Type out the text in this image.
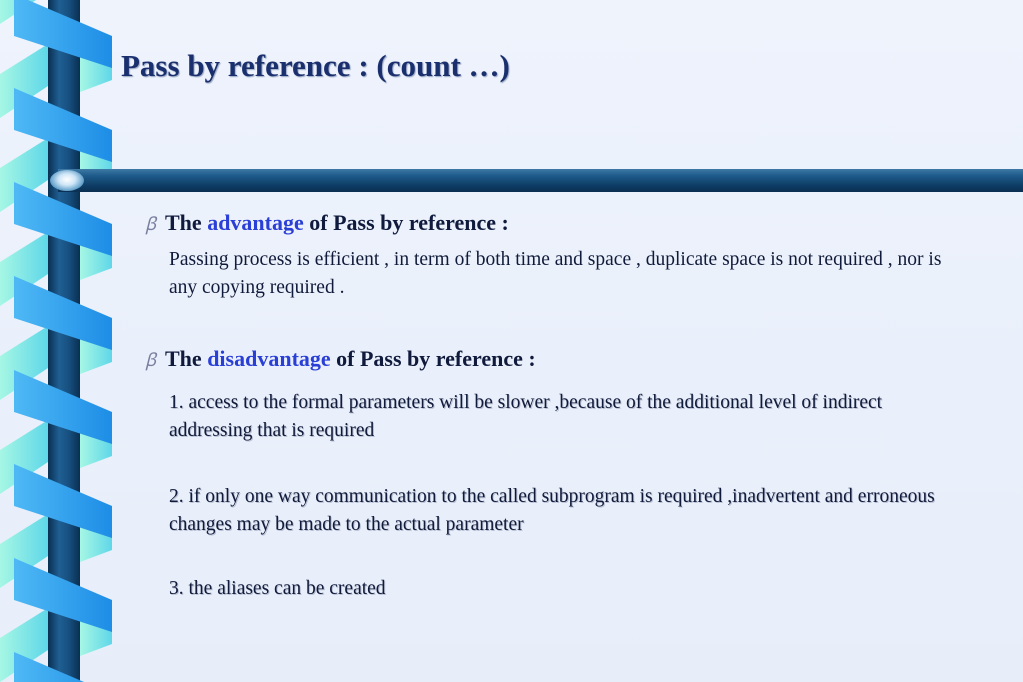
Pass by reference : (count …)
ꞵ The advantage of Pass by reference :

Passing process is efficient , in term of both time and space , duplicate space is not required , nor is any copying required .

ꞵ The disadvantage of Pass by reference :

1. access to the formal parameters will be slower ,because of the additional level of indirect addressing that is required

2. if only one way communication to the called subprogram is required ,inadvertent and erroneous changes may be made to the actual parameter

3. the aliases can be created
